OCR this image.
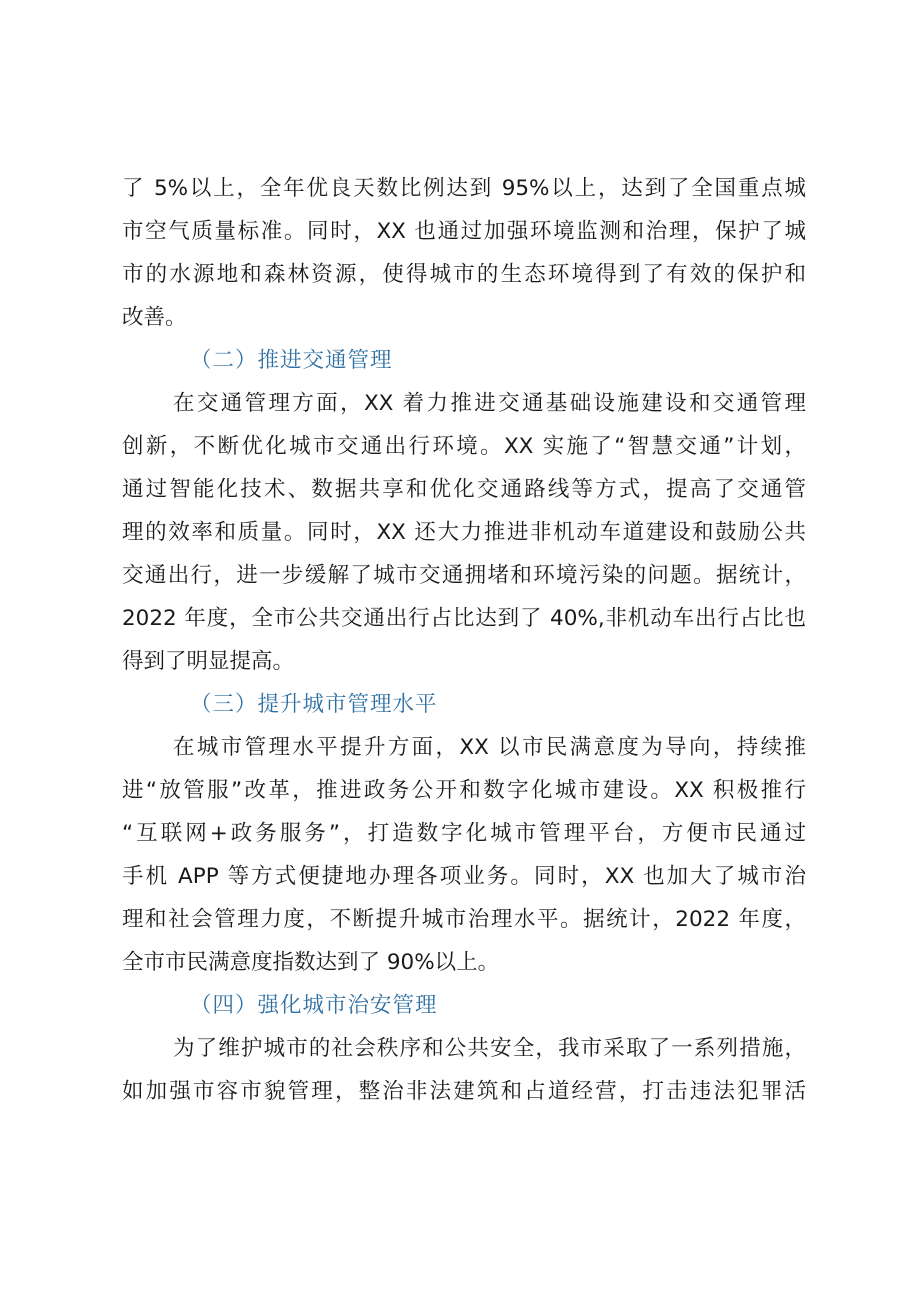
了 5%以上，全年优良天数比例达到 95%以上，达到了全国重点城
市空气质量标准。同时，XX 也通过加强环境监测和治理，保护了城
市的水源地和森林资源，使得城市的生态环境得到了有效的保护和
改善。
（二）推进交通管理
在交通管理方面，XX 着力推进交通基础设施建设和交通管理
创新，不断优化城市交通出行环境。XX 实施了“智慧交通”计划，
通过智能化技术、数据共享和优化交通路线等方式，提高了交通管
理的效率和质量。同时，XX 还大力推进非机动车道建设和鼓励公共
交通出行，进一步缓解了城市交通拥堵和环境污染的问题。据统计，
2022 年度，全市公共交通出行占比达到了 40%,非机动车出行占比也
得到了明显提高。
（三）提升城市管理水平
在城市管理水平提升方面，XX 以市民满意度为导向，持续推
进“放管服”改革，推进政务公开和数字化城市建设。XX 积极推行
“互联网+政务服务”，打造数字化城市管理平台，方便市民通过
手机 APP 等方式便捷地办理各项业务。同时，XX 也加大了城市治
理和社会管理力度，不断提升城市治理水平。据统计，2022 年度，
全市市民满意度指数达到了 90%以上。
（四）强化城市治安管理
为了维护城市的社会秩序和公共安全，我市采取了一系列措施，
如加强市容市貌管理，整治非法建筑和占道经营，打击违法犯罪活
